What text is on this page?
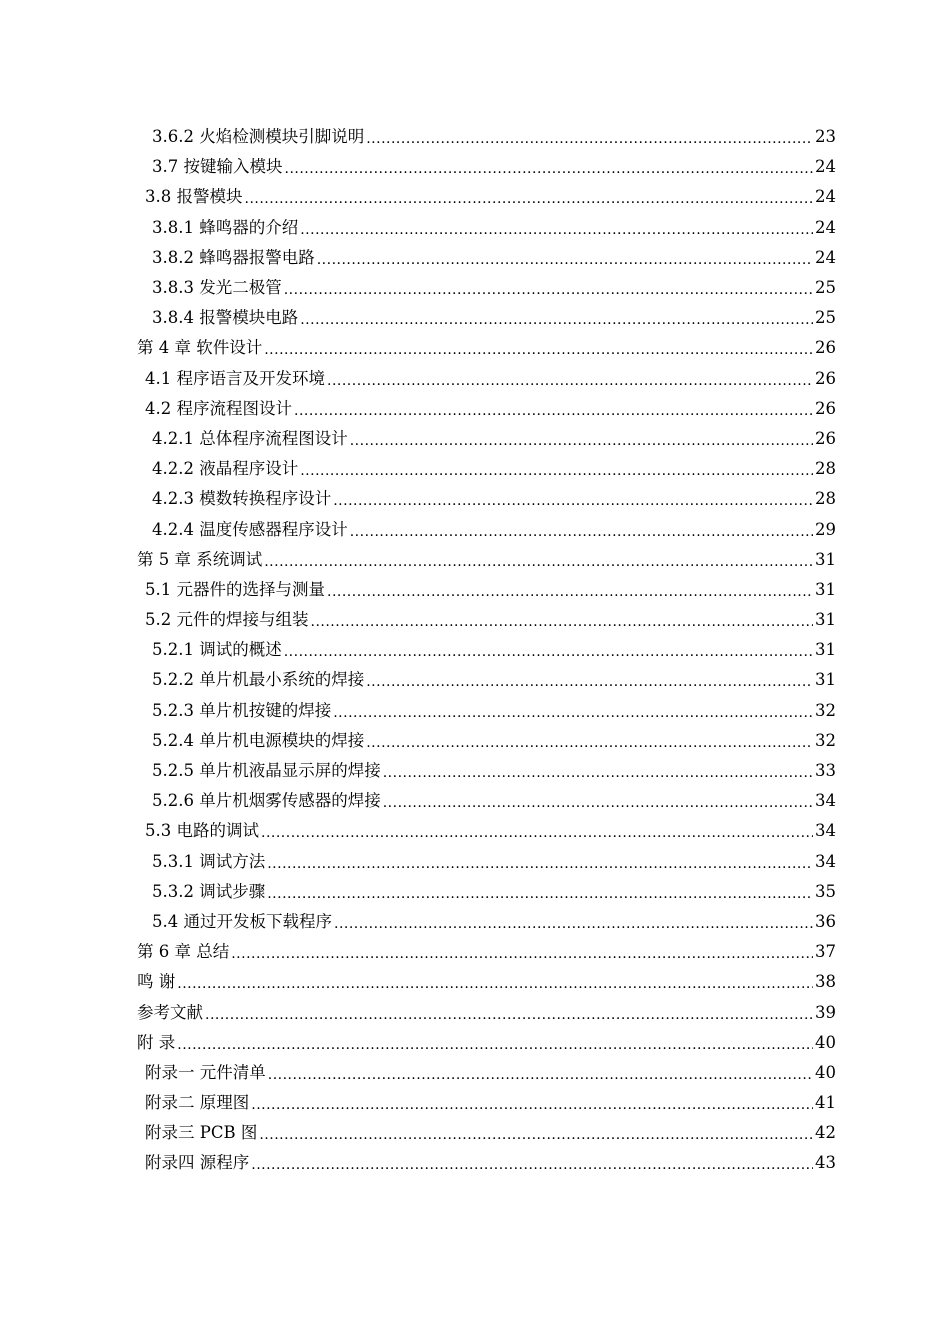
3.6.2 火焰检测模块引脚说明 .....	23
3.7 按键输入模块 .....	24
3.8 报警模块 .....	24
3.8.1 蜂鸣器的介绍 .....	24
3.8.2 蜂鸣器报警电路 .....	24
3.8.3 发光二极管 .....	25
3.8.4 报警模块电路 .....	25
第 4 章 软件设计 .....	26
4.1 程序语言及开发环境 .....	26
4.2 程序流程图设计 .....	26
4.2.1 总体程序流程图设计 .....	26
4.2.2 液晶程序设计 .....	28
4.2.3 模数转换程序设计 .....	28
4.2.4 温度传感器程序设计 .....	29
第 5 章 系统调试 .....	31
5.1 元器件的选择与测量 .....	31
5.2 元件的焊接与组装 .....	31
5.2.1 调试的概述 .....	31
5.2.2 单片机最小系统的焊接 .....	31
5.2.3 单片机按键的焊接 .....	32
5.2.4 单片机电源模块的焊接 .....	32
5.2.5 单片机液晶显示屏的焊接 .....	33
5.2.6 单片机烟雾传感器的焊接 .....	34
5.3 电路的调试 .....	34
5.3.1 调试方法 .....	34
5.3.2 调试步骤 .....	35
5.4 通过开发板下载程序 .....	36
第 6 章 总结 .....	37
鸣 谢 .....	38
参考文献 .....	39
附 录 .....	40
附录一 元件清单 .....	40
附录二 原理图 .....	41
附录三 PCB 图 .....	42
附录四 源程序 .....	43
